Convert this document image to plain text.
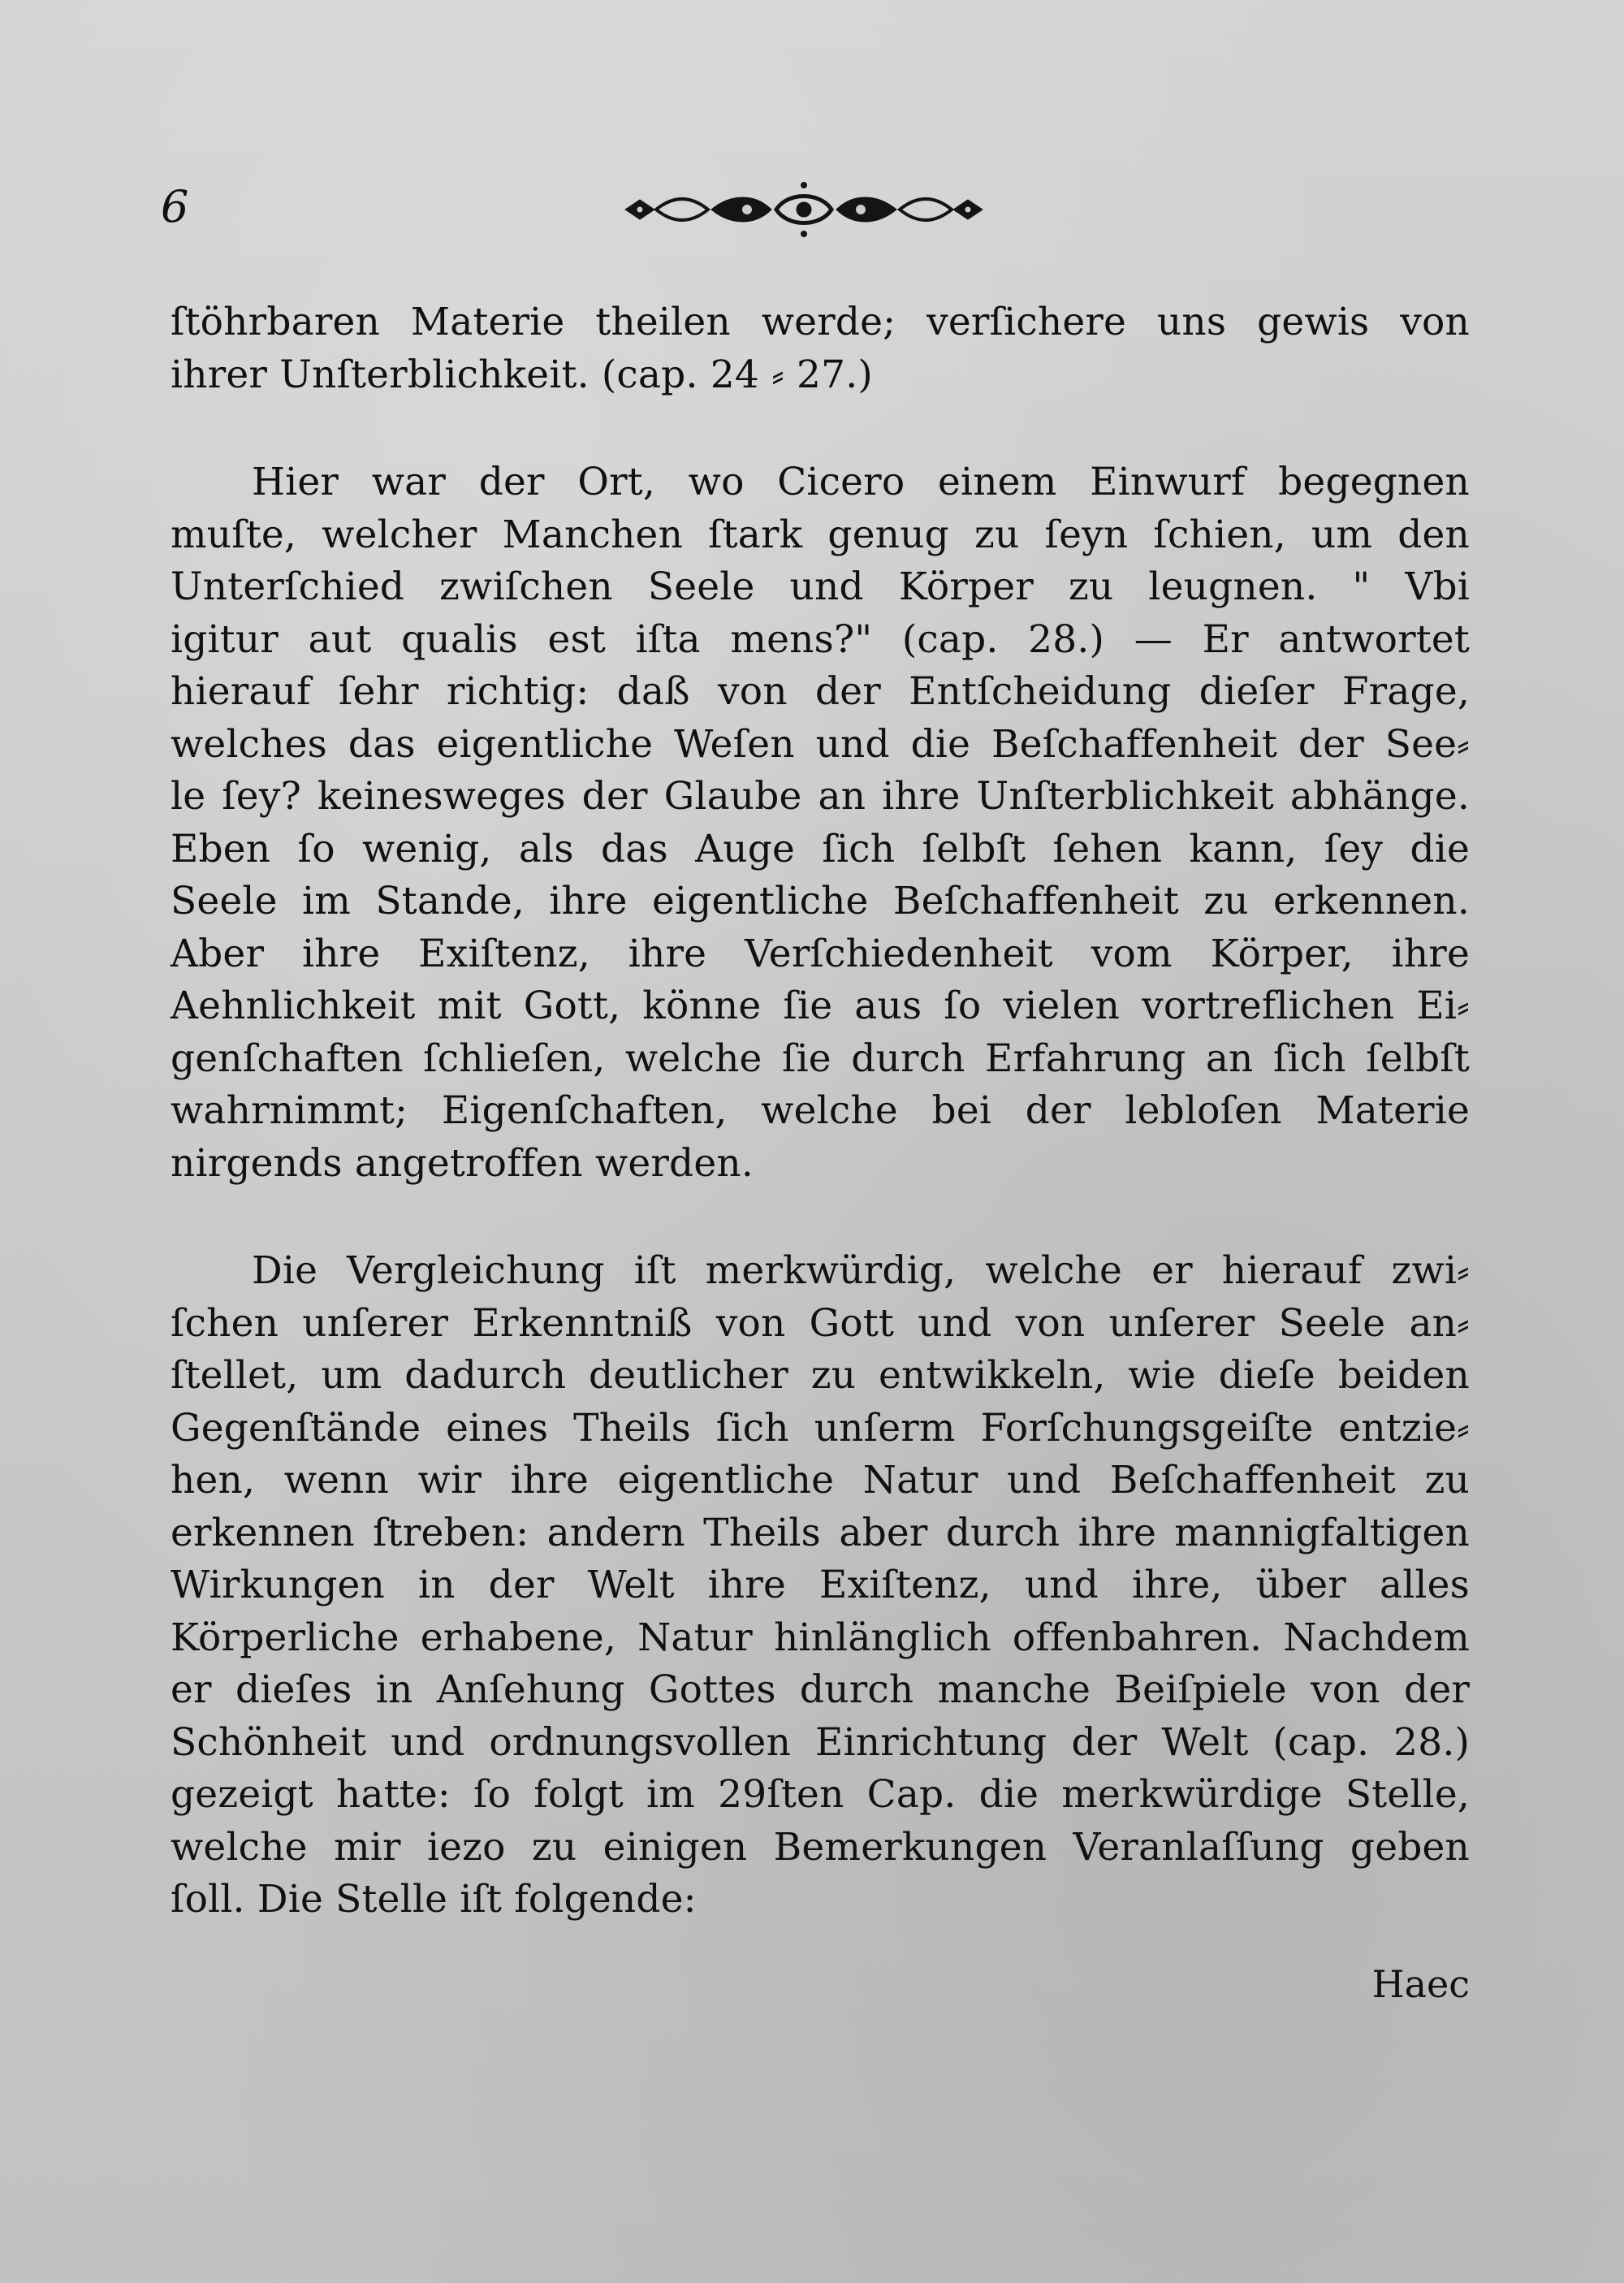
6
ſtöhrbaren Materie theilen werde; verſichere uns gewis von
ihrer Unſterblichkeit. (cap. 24 ⸗ 27.)
Hier war der Ort, wo Cicero einem Einwurf begegnen
muſte, welcher Manchen ſtark genug zu ſeyn ſchien, um den
Unterſchied zwiſchen Seele und Körper zu leugnen. " Vbi
igitur aut qualis est iſta mens?" (cap. 28.) — Er antwortet
hierauf ſehr richtig: daß von der Entſcheidung dieſer Frage,
welches das eigentliche Weſen und die Beſchaffenheit der See⸗
le ſey? keinesweges der Glaube an ihre Unſterblichkeit abhänge.
Eben ſo wenig, als das Auge ſich ſelbſt ſehen kann, ſey die
Seele im Stande, ihre eigentliche Beſchaffenheit zu erkennen.
Aber ihre Exiſtenz, ihre Verſchiedenheit vom Körper, ihre
Aehnlichkeit mit Gott, könne ſie aus ſo vielen vortreflichen Ei⸗
genſchaften ſchlieſen, welche ſie durch Erfahrung an ſich ſelbſt
wahrnimmt; Eigenſchaften, welche bei der lebloſen Materie
nirgends angetroffen werden.
Die Vergleichung iſt merkwürdig, welche er hierauf zwi⸗
ſchen unſerer Erkenntniß von Gott und von unſerer Seele an⸗
ſtellet, um dadurch deutlicher zu entwikkeln, wie dieſe beiden
Gegenſtände eines Theils ſich unſerm Forſchungsgeiſte entzie⸗
hen, wenn wir ihre eigentliche Natur und Beſchaffenheit zu
erkennen ſtreben: andern Theils aber durch ihre mannigfaltigen
Wirkungen in der Welt ihre Exiſtenz, und ihre, über alles
Körperliche erhabene, Natur hinlänglich offenbahren. Nachdem
er dieſes in Anſehung Gottes durch manche Beiſpiele von der
Schönheit und ordnungsvollen Einrichtung der Welt (cap. 28.)
gezeigt hatte: ſo folgt im 29ſten Cap. die merkwürdige Stelle,
welche mir iezo zu einigen Bemerkungen Veranlaſſung geben
ſoll. Die Stelle iſt folgende:
Haec
